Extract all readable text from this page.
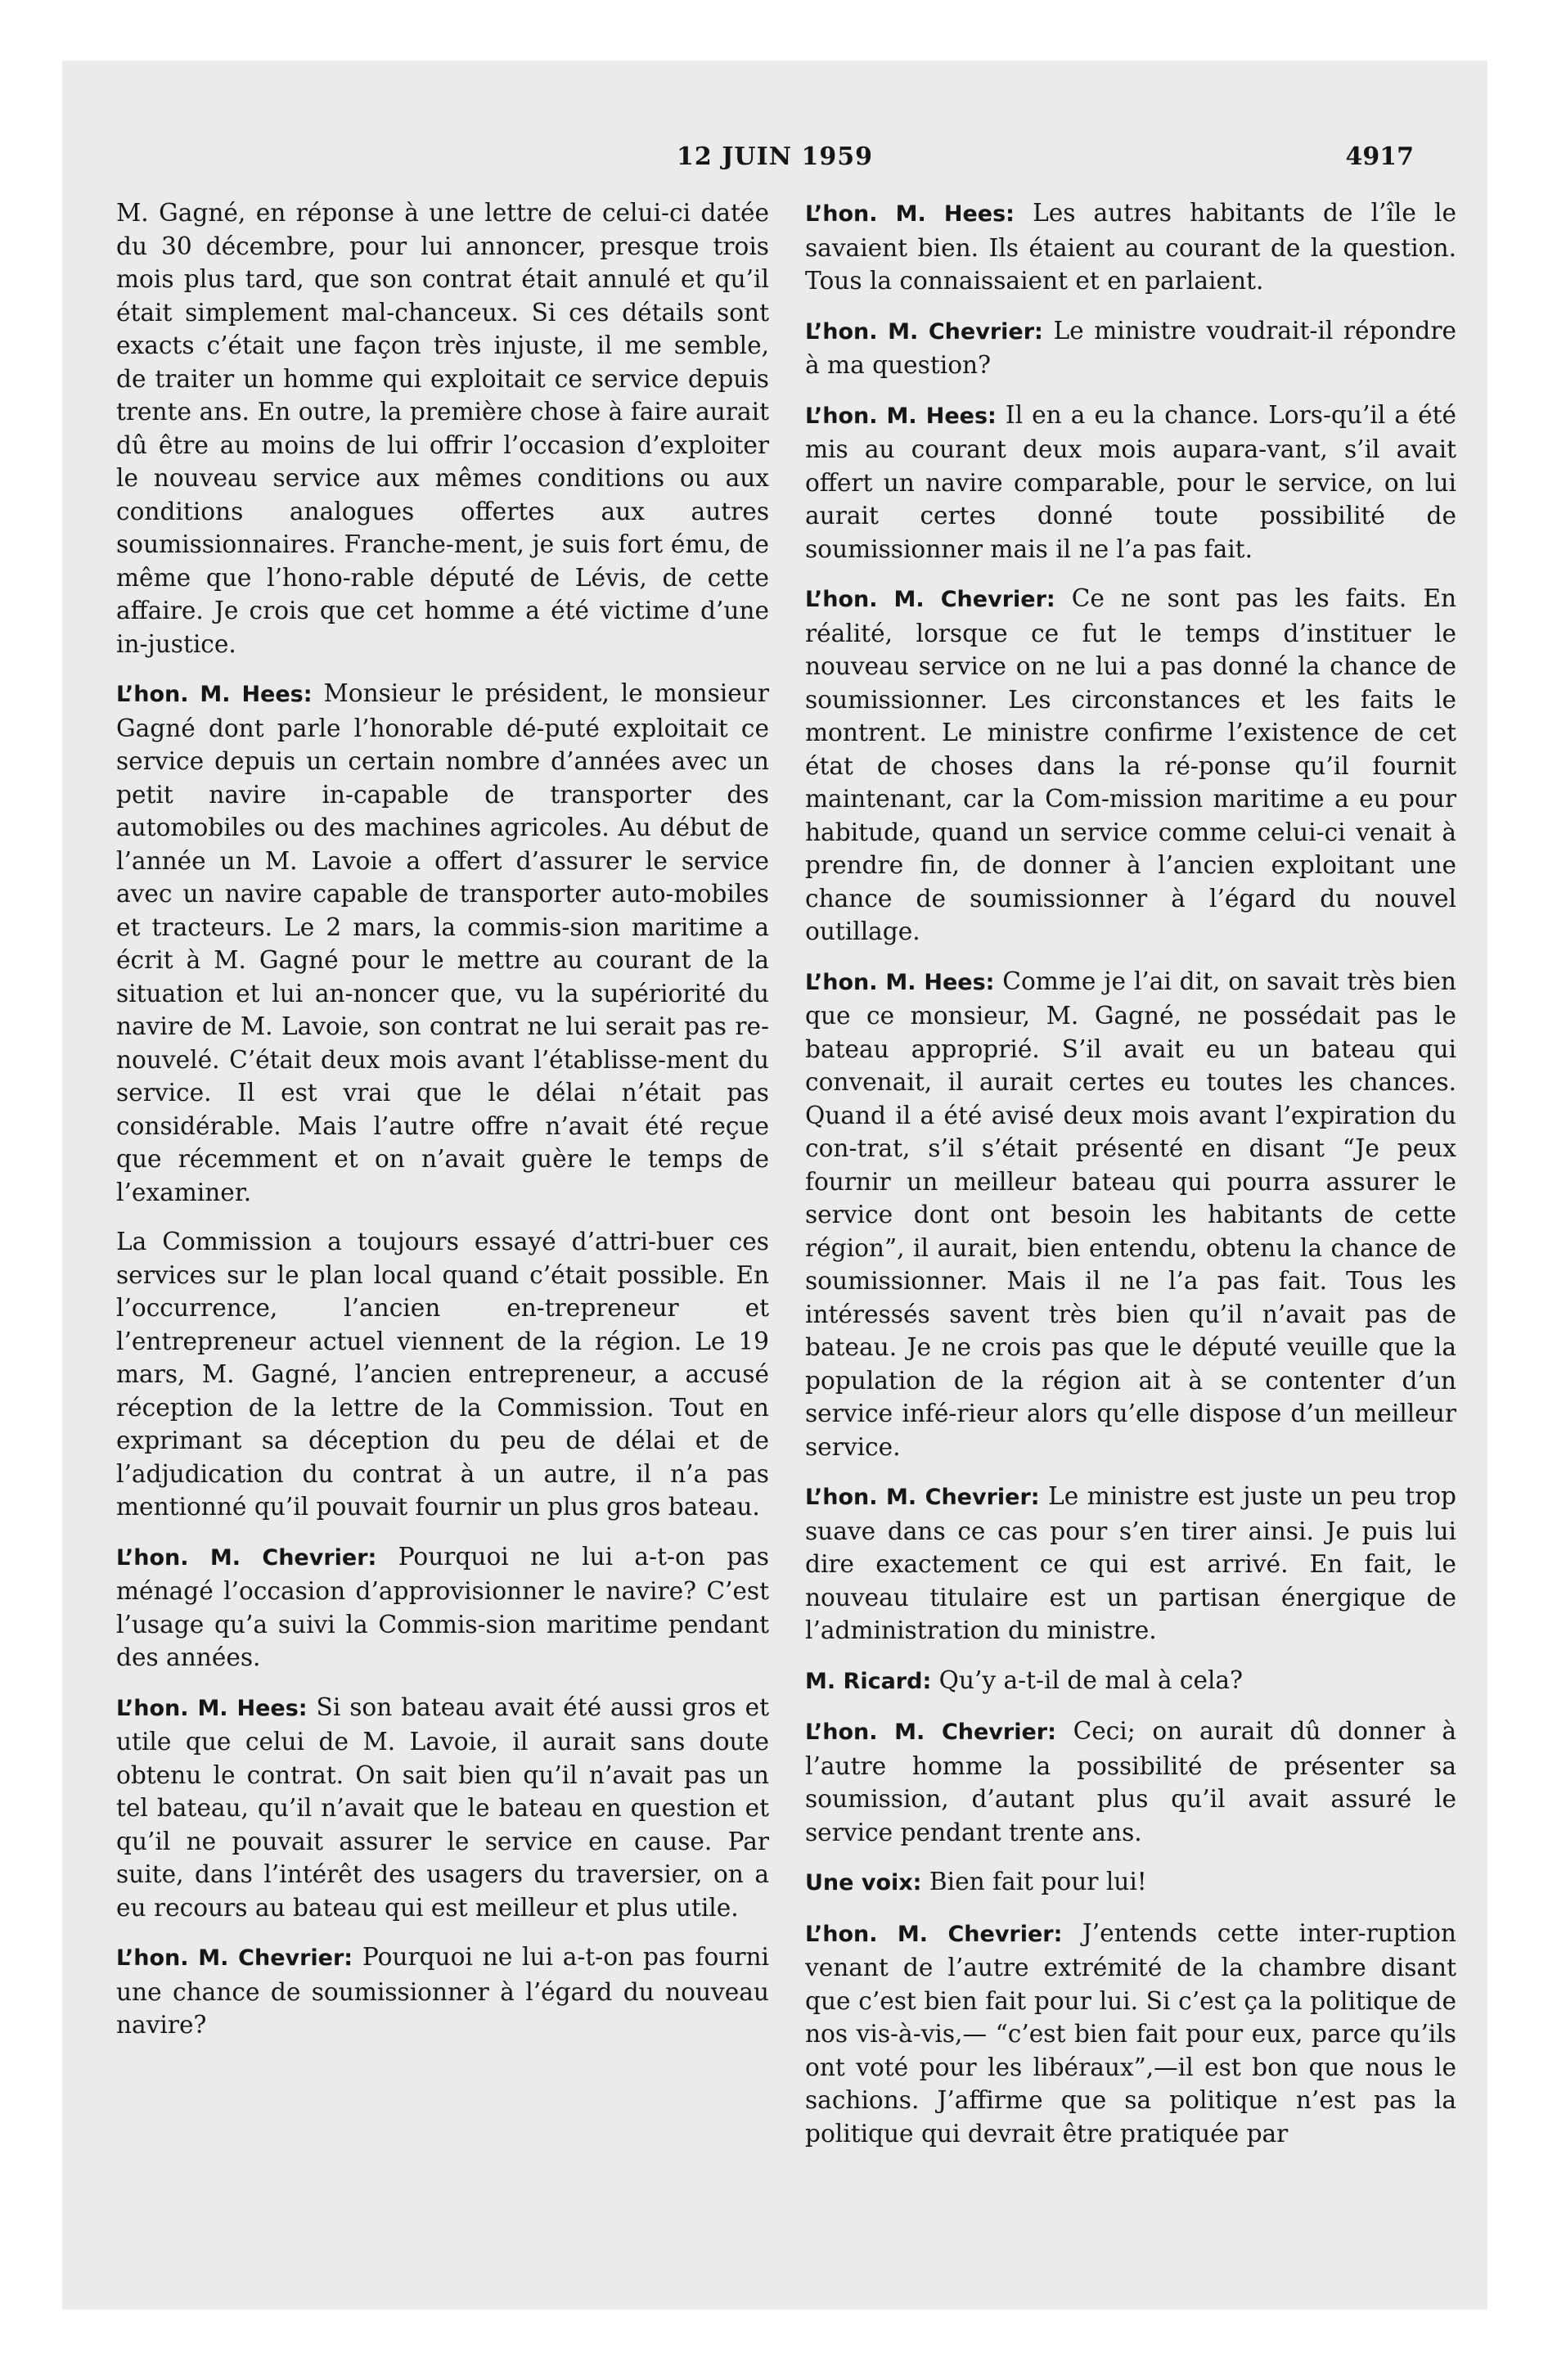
12 JUIN 1959	4917

M. Gagné, en réponse à une lettre de celui-ci datée du 30 décembre, pour lui annoncer, presque trois mois plus tard, que son contrat était annulé et qu’il était simplement mal-chanceux. Si ces détails sont exacts c’était une façon très injuste, il me semble, de traiter un homme qui exploitait ce service depuis trente ans. En outre, la première chose à faire aurait dû être au moins de lui offrir l’occasion d’exploiter le nouveau service aux mêmes conditions ou aux conditions analogues offertes aux autres soumissionnaires. Franche-ment, je suis fort ému, de même que l’hono-rable député de Lévis, de cette affaire. Je crois que cet homme a été victime d’une in-justice.

L’hon. M. Hees: Monsieur le président, le monsieur Gagné dont parle l’honorable dé-puté exploitait ce service depuis un certain nombre d’années avec un petit navire in-capable de transporter des automobiles ou des machines agricoles. Au début de l’année un M. Lavoie a offert d’assurer le service avec un navire capable de transporter auto-mobiles et tracteurs. Le 2 mars, la commis-sion maritime a écrit à M. Gagné pour le mettre au courant de la situation et lui an-noncer que, vu la supériorité du navire de M. Lavoie, son contrat ne lui serait pas re-nouvelé. C’était deux mois avant l’établisse-ment du service. Il est vrai que le délai n’était pas considérable. Mais l’autre offre n’avait été reçue que récemment et on n’avait guère le temps de l’examiner.

La Commission a toujours essayé d’attri-buer ces services sur le plan local quand c’était possible. En l’occurrence, l’ancien en-trepreneur et l’entrepreneur actuel viennent de la région. Le 19 mars, M. Gagné, l’ancien entrepreneur, a accusé réception de la lettre de la Commission. Tout en exprimant sa déception du peu de délai et de l’adjudication du contrat à un autre, il n’a pas mentionné qu’il pouvait fournir un plus gros bateau.

L’hon. M. Chevrier: Pourquoi ne lui a-t-on pas ménagé l’occasion d’approvisionner le navire? C’est l’usage qu’a suivi la Commis-sion maritime pendant des années.

L’hon. M. Hees: Si son bateau avait été aussi gros et utile que celui de M. Lavoie, il aurait sans doute obtenu le contrat. On sait bien qu’il n’avait pas un tel bateau, qu’il n’avait que le bateau en question et qu’il ne pouvait assurer le service en cause. Par suite, dans l’intérêt des usagers du traversier, on a eu recours au bateau qui est meilleur et plus utile.

L’hon. M. Chevrier: Pourquoi ne lui a-t-on pas fourni une chance de soumissionner à l’égard du nouveau navire?

L’hon. M. Hees: Les autres habitants de l’île le savaient bien. Ils étaient au courant de la question. Tous la connaissaient et en parlaient.

L’hon. M. Chevrier: Le ministre voudrait-il répondre à ma question?

L’hon. M. Hees: Il en a eu la chance. Lors-qu’il a été mis au courant deux mois aupara-vant, s’il avait offert un navire comparable, pour le service, on lui aurait certes donné toute possibilité de soumissionner mais il ne l’a pas fait.

L’hon. M. Chevrier: Ce ne sont pas les faits. En réalité, lorsque ce fut le temps d’instituer le nouveau service on ne lui a pas donné la chance de soumissionner. Les circonstances et les faits le montrent. Le ministre confirme l’existence de cet état de choses dans la ré-ponse qu’il fournit maintenant, car la Com-mission maritime a eu pour habitude, quand un service comme celui-ci venait à prendre fin, de donner à l’ancien exploitant une chance de soumissionner à l’égard du nouvel outillage.

L’hon. M. Hees: Comme je l’ai dit, on savait très bien que ce monsieur, M. Gagné, ne possédait pas le bateau approprié. S’il avait eu un bateau qui convenait, il aurait certes eu toutes les chances. Quand il a été avisé deux mois avant l’expiration du con-trat, s’il s’était présenté en disant “Je peux fournir un meilleur bateau qui pourra assurer le service dont ont besoin les habitants de cette région”, il aurait, bien entendu, obtenu la chance de soumissionner. Mais il ne l’a pas fait. Tous les intéressés savent très bien qu’il n’avait pas de bateau. Je ne crois pas que le député veuille que la population de la région ait à se contenter d’un service infé-rieur alors qu’elle dispose d’un meilleur service.

L’hon. M. Chevrier: Le ministre est juste un peu trop suave dans ce cas pour s’en tirer ainsi. Je puis lui dire exactement ce qui est arrivé. En fait, le nouveau titulaire est un partisan énergique de l’administration du ministre.

M. Ricard: Qu’y a-t-il de mal à cela?

L’hon. M. Chevrier: Ceci; on aurait dû donner à l’autre homme la possibilité de présenter sa soumission, d’autant plus qu’il avait assuré le service pendant trente ans.

Une voix: Bien fait pour lui!

L’hon. M. Chevrier: J’entends cette inter-ruption venant de l’autre extrémité de la chambre disant que c’est bien fait pour lui. Si c’est ça la politique de nos vis-à-vis,— “c’est bien fait pour eux, parce qu’ils ont voté pour les libéraux”,—il est bon que nous le sachions. J’affirme que sa politique n’est pas la politique qui devrait être pratiquée par
